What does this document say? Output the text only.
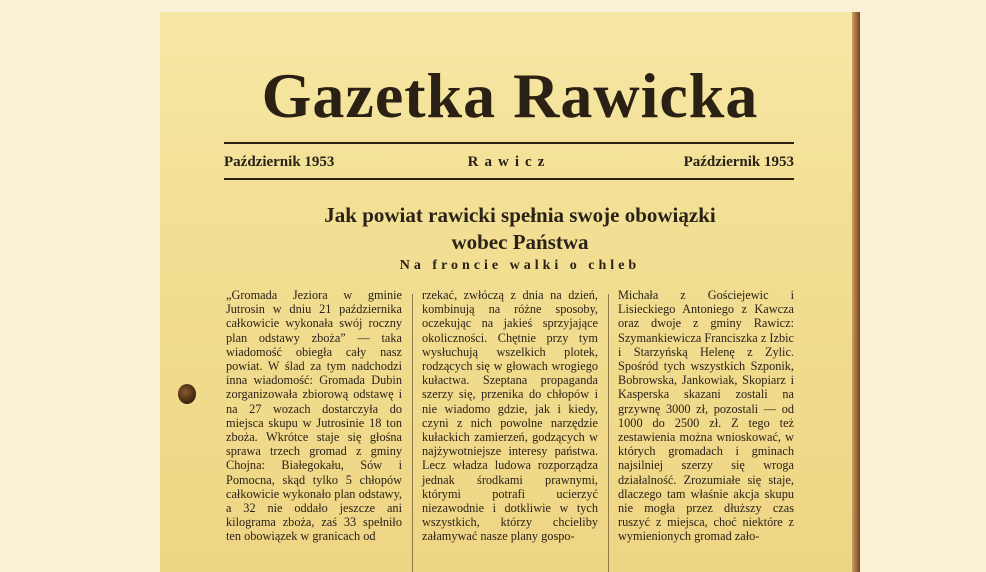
Gazetka Rawicka
Październik 1953	Rawicz	Październik 1953
Jak powiat rawicki spełnia swoje obowiązki
wobec Państwa
Na froncie walki o chleb

„Gromada Jeziora w gminie Jutrosin w dniu 21 października całkowicie wykonała swój roczny plan odstawy zboża” — taka wiadomość obiegła cały nasz powiat. W ślad za tym nadchodzi inna wiadomość: Gromada Dubin zorganizowała zbiorową odstawę i na 27 wozach dostarczyła do miejsca skupu w Jutrosinie 18 ton zboża. Wkrótce staje się głośna sprawa trzech gromad z gminy Chojna: Białegokału, Sów i Pomocna, skąd tylko 5 chłopów całkowicie wykonało plan odstawy, a 32 nie oddało jeszcze ani kilograma zboża, zaś 33 spełniło ten obowiązek w granicach od

rzekać, zwłóczą z dnia na dzień, kombinują na różne sposoby, oczekując na jakieś sprzyjające okoliczności. Chętnie przy tym wysłuchują wszelkich plotek, rodzących się w głowach wrogiego kułactwa. Szeptana propaganda szerzy się, przenika do chłopów i nie wiadomo gdzie, jak i kiedy, czyni z nich powolne narzędzie kułackich zamierzeń, godzących w najżywotniejsze interesy państwa. Lecz władza ludowa rozporządza jednak środkami prawnymi, którymi potrafi ucierzyć niezawodnie i dotkliwie w tych wszystkich, którzy chcieliby załamywać nasze plany gospo-

Michała z Gościejewic i Lisieckiego Antoniego z Kawcza oraz dwoje z gminy Rawicz: Szymankiewicza Franciszka z Izbic i Starzyńską Helenę z Zylic. Spośród tych wszystkich Szponik, Bobrowska, Jankowiak, Skopiarz i Kasperska skazani zostali na grzywnę 3000 zł, pozostali — od 1000 do 2500 zł. Z tego też zestawienia można wnioskować, w których gromadach i gminach najsilniej szerzy się wroga działalność. Zrozumiałe się staje, dlaczego tam właśnie akcja skupu nie mogła przez dłuższy czas ruszyć z miejsca, choć niektóre z wymienionych gromad zało-
